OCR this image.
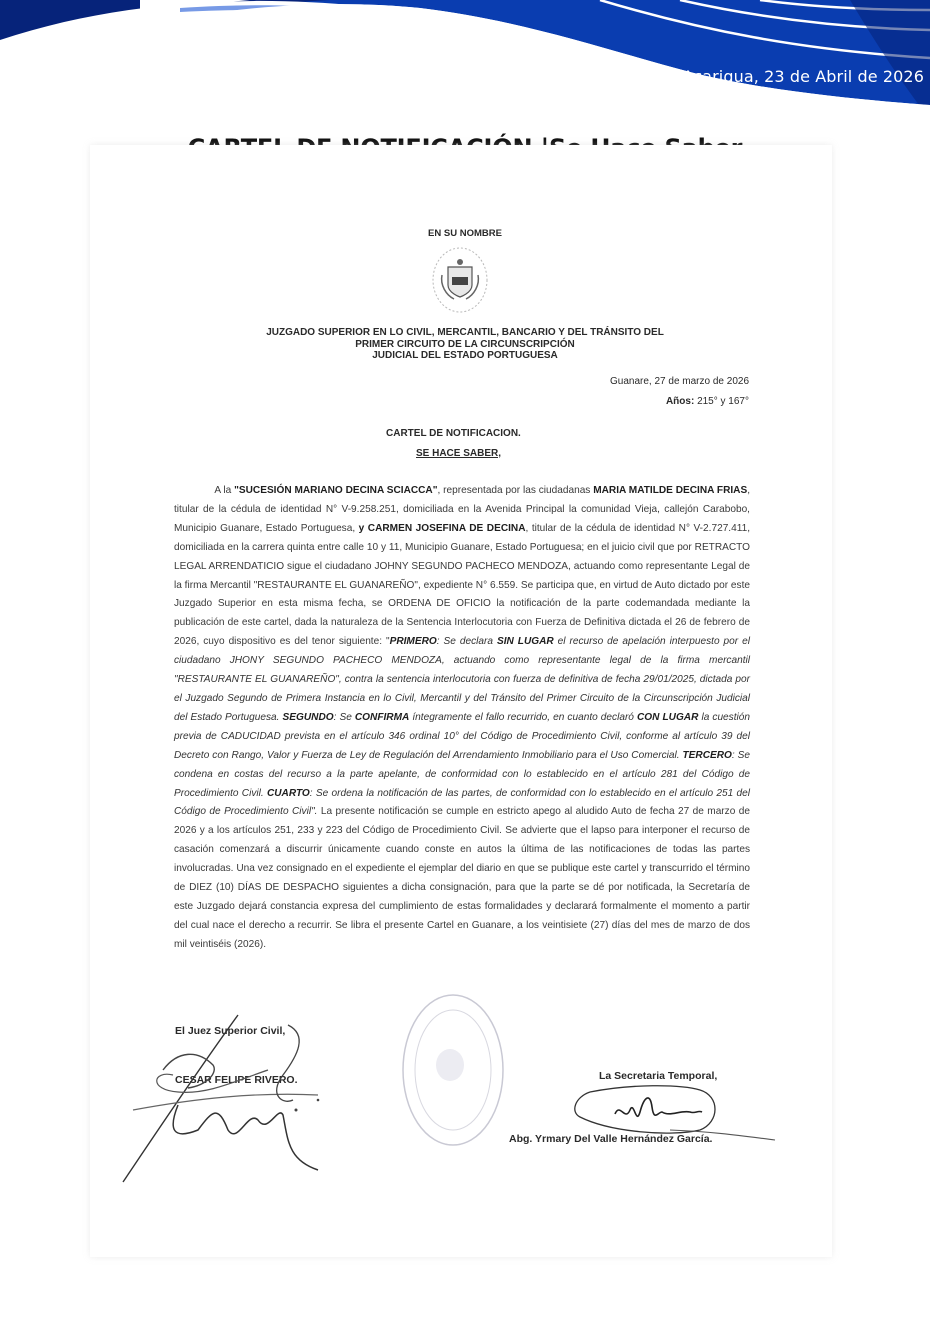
Acarigua, 23 de Abril de 2026
EN SU NOMBRE
JUZGADO SUPERIOR EN LO CIVIL, MERCANTIL, BANCARIO Y DEL TRÁNSITO DEL
PRIMER CIRCUITO DE LA CIRCUNSCRIPCIÓN
JUDICIAL DEL ESTADO PORTUGUESA
Guanare, 27 de marzo de 2026
Años: 215° y 167°
CARTEL DE NOTIFICACION.
SE HACE SABER,
    A la "SUCESIÓN MARIANO DECINA SCIACCA", representada por las ciudadanas MARIA MATILDE DECINA FRIAS, titular de la cédula de identidad N° V-9.258.251, domiciliada en la Avenida Principal la comunidad Vieja, callejón Carabobo, Municipio Guanare, Estado Portuguesa, y CARMEN JOSEFINA DE DECINA, titular de la cédula de identidad N° V-2.727.411, domiciliada en la carrera quinta entre calle 10 y 11, Municipio Guanare, Estado Portuguesa; en el juicio civil que por RETRACTO LEGAL ARRENDATICIO sigue el ciudadano JOHNY SEGUNDO PACHECO MENDOZA, actuando como representante Legal de la firma Mercantil "RESTAURANTE EL GUANAREÑO", expediente N° 6.559. Se participa que, en virtud de Auto dictado por este Juzgado Superior en esta misma fecha, se ORDENA DE OFICIO la notificación de la parte codemandada mediante la publicación de este cartel, dada la naturaleza de la Sentencia Interlocutoria con Fuerza de Definitiva dictada el 26 de febrero de 2026, cuyo dispositivo es del tenor siguiente: "PRIMERO: Se declara SIN LUGAR el recurso de apelación interpuesto por el ciudadano JHONY SEGUNDO PACHECO MENDOZA, actuando como representante legal de la firma mercantil "RESTAURANTE EL GUANAREÑO", contra la sentencia interlocutoria con fuerza de definitiva de fecha 29/01/2025, dictada por el Juzgado Segundo de Primera Instancia en lo Civil, Mercantil y del Tránsito del Primer Circuito de la Circunscripción Judicial del Estado Portuguesa. SEGUNDO: Se CONFIRMA íntegramente el fallo recurrido, en cuanto declaró CON LUGAR la cuestión previa de CADUCIDAD prevista en el artículo 346 ordinal 10° del Código de Procedimiento Civil, conforme al artículo 39 del Decreto con Rango, Valor y Fuerza de Ley de Regulación del Arrendamiento Inmobiliario para el Uso Comercial. TERCERO: Se condena en costas del recurso a la parte apelante, de conformidad con lo establecido en el artículo 281 del Código de Procedimiento Civil. CUARTO: Se ordena la notificación de las partes, de conformidad con lo establecido en el artículo 251 del Código de Procedimiento Civil". La presente notificación se cumple en estricto apego al aludido Auto de fecha 27 de marzo de 2026 y a los artículos 251, 233 y 223 del Código de Procedimiento Civil. Se advierte que el lapso para interponer el recurso de casación comenzará a discurrir únicamente cuando conste en autos la última de las notificaciones de todas las partes involucradas. Una vez consignado en el expediente el ejemplar del diario en que se publique este cartel y transcurrido el término de DIEZ (10) DÍAS DE DESPACHO siguientes a dicha consignación, para que la parte se dé por notificada, la Secretaría de este Juzgado dejará constancia expresa del cumplimiento de estas formalidades y declarará formalmente el momento a partir del cual nace el derecho a recurrir. Se libra el presente Cartel en Guanare, a los veintisiete (27) días del mes de marzo de dos mil veintiséis (2026).
El Juez Superior Civil,
CESAR FELIPE RIVERO.	La Secretaria Temporal,
Abg. Yrmary Del Valle Hernández García.
